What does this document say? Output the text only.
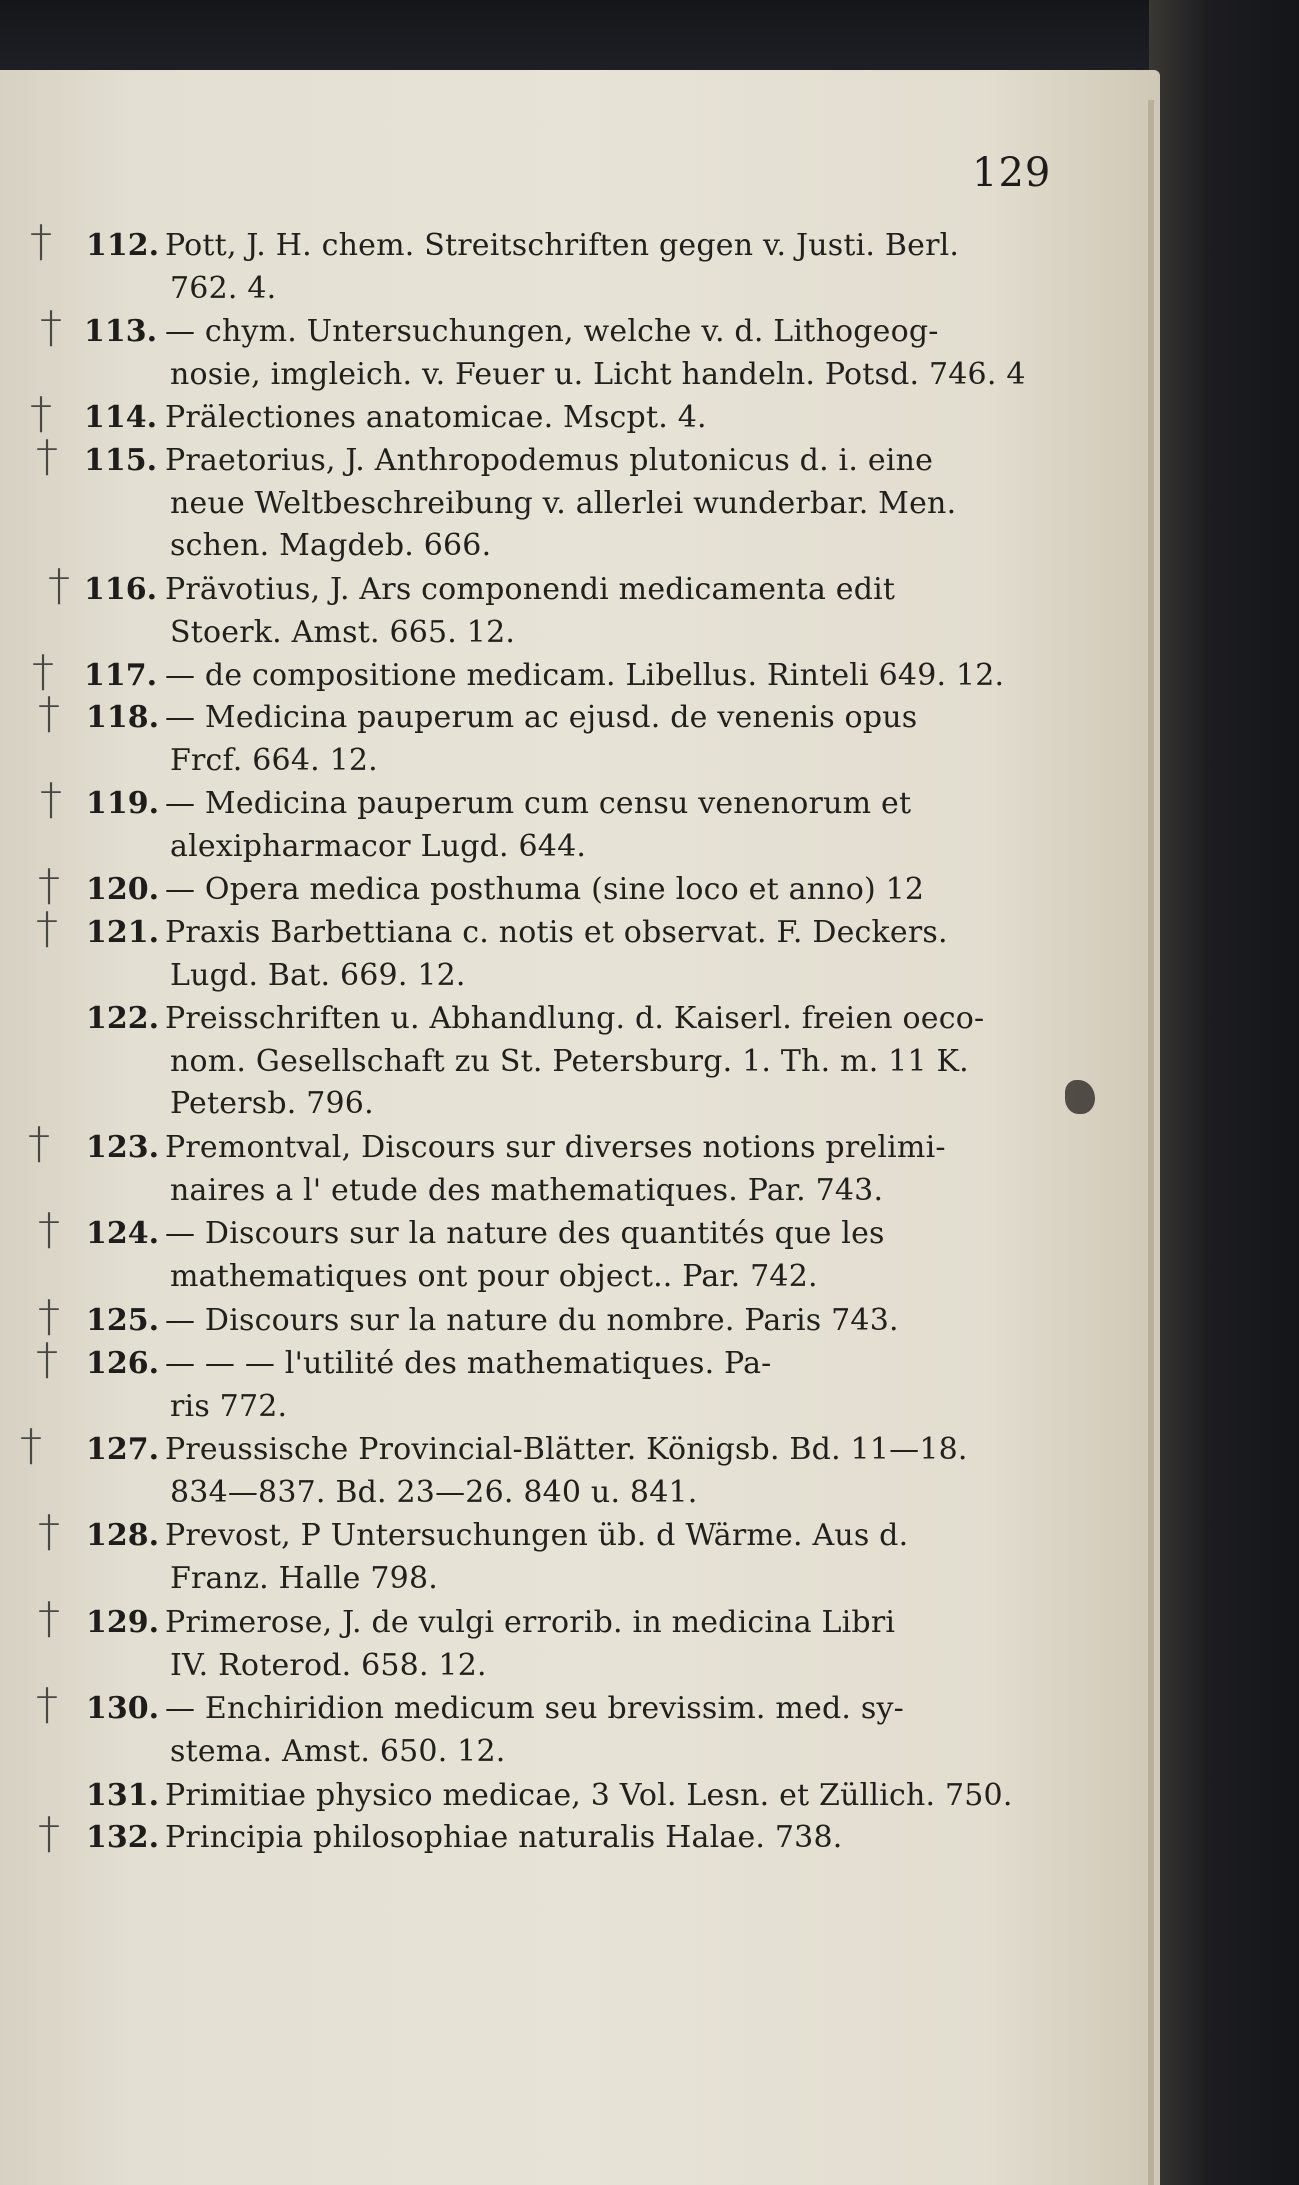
129
† 112. Pott, J. H. chem. Streitschriften gegen v. Justi. Berl.
762. 4.
† 113. — chym. Untersuchungen, welche v. d. Lithogeog-
nosie, imgleich. v. Feuer u. Licht handeln. Potsd. 746. 4
† 114. Prälectiones anatomicae. Mscpt. 4.
† 115. Praetorius, J. Anthropodemus plutonicus d. i. eine
neue Weltbeschreibung v. allerlei wunderbar. Men.
schen. Magdeb. 666.
† 116. Prävotius, J. Ars componendi medicamenta edit
Stoerk. Amst. 665. 12.
† 117. — de compositione medicam. Libellus. Rinteli 649. 12.
† 118. — Medicina pauperum ac ejusd. de venenis opus
Frcf. 664. 12.
† 119. — Medicina pauperum cum censu venenorum et
alexipharmacor Lugd. 644.
† 120. — Opera medica posthuma (sine loco et anno) 12
† 121. Praxis Barbettiana c. notis et observat. F. Deckers.
Lugd. Bat. 669. 12.
122. Preisschriften u. Abhandlung. d. Kaiserl. freien oeco-
nom. Gesellschaft zu St. Petersburg. 1. Th. m. 11 K.
Petersb. 796.
† 123. Premontval, Discours sur diverses notions prelimi-
naires a l' etude des mathematiques. Par. 743.
† 124. — Discours sur la nature des quantités que les
mathematiques ont pour object.. Par. 742.
† 125. — Discours sur la nature du nombre. Paris 743.
† 126. — — — l'utilité des mathematiques. Pa-
ris 772.
† 127. Preussische Provincial-Blätter. Königsb. Bd. 11—18.
834—837. Bd. 23—26. 840 u. 841.
† 128. Prevost, P Untersuchungen üb. d Wärme. Aus d.
Franz. Halle 798.
† 129. Primerose, J. de vulgi errorib. in medicina Libri
IV. Roterod. 658. 12.
† 130. — Enchiridion medicum seu brevissim. med. sy-
stema. Amst. 650. 12.
131. Primitiae physico medicae, 3 Vol. Lesn. et Züllich. 750.
† 132. Principia philosophiae naturalis Halae. 738.
